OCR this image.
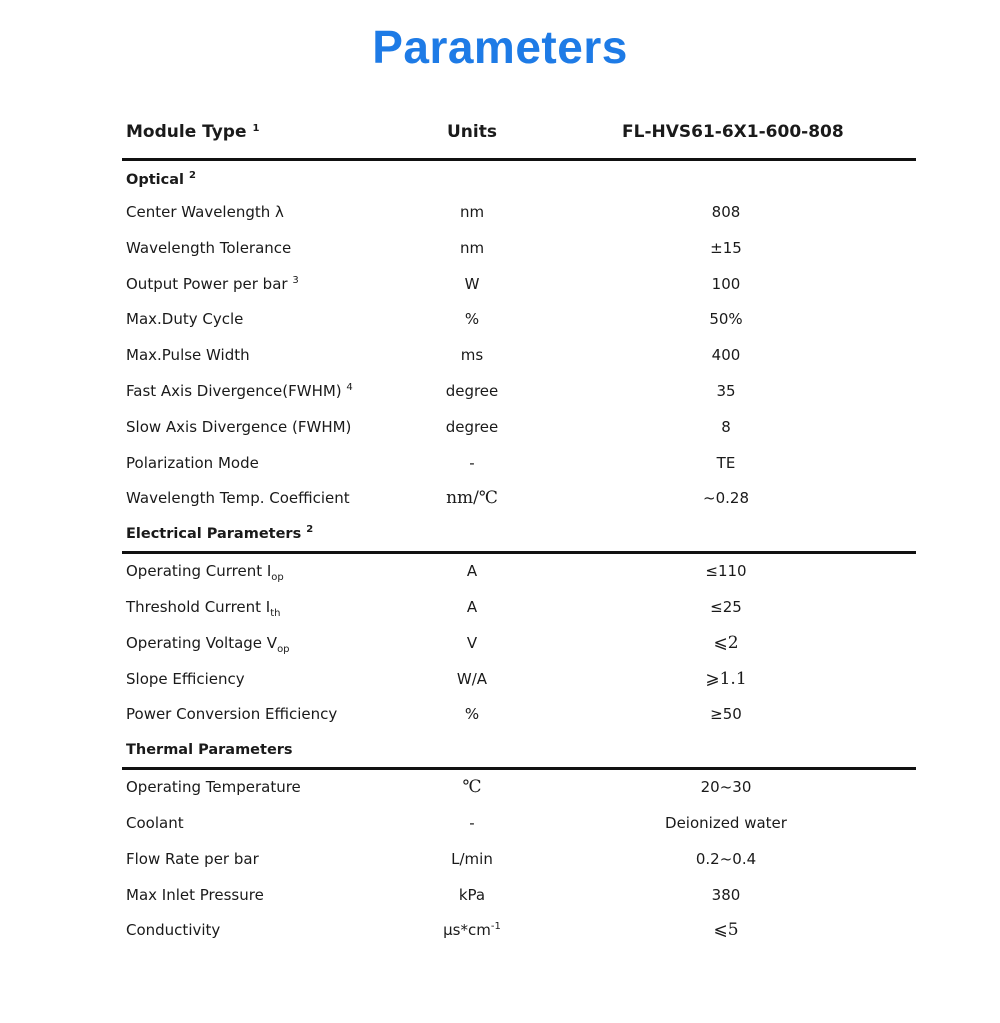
Parameters
Module Type $^1$	Units	FL-HVS61-6X1-600-808
Optical $^2$
Center Wavelength λ	nm	808
Wavelength Tolerance	nm	±15
Output Power per bar $^3$	W	100
Max.Duty Cycle	%	50%
Max.Pulse Width	ms	400
Fast Axis Divergence(FWHM) $^4$	degree	35
Slow Axis Divergence (FWHM)	degree	8
Polarization Mode	-	TE
Wavelength Temp. Coefficient	nm/℃	~0.28
Electrical Parameters $^2$
Operating Current $I_{op}$	A	≤110
Threshold Current $I_{th}$	A	≤25
Operating Voltage $V_{op}$	V	⩽2
Slope Efficiency	W/A	⩾1.1
Power Conversion Efficiency	%	≥50
Thermal Parameters
Operating Temperature	℃	20~30
Coolant	-	Deionized water
Flow Rate per bar	L/min	0.2~0.4
Max Inlet Pressure	kPa	380
Conductivity	$\mu s*cm^{-1}$	⩽5
